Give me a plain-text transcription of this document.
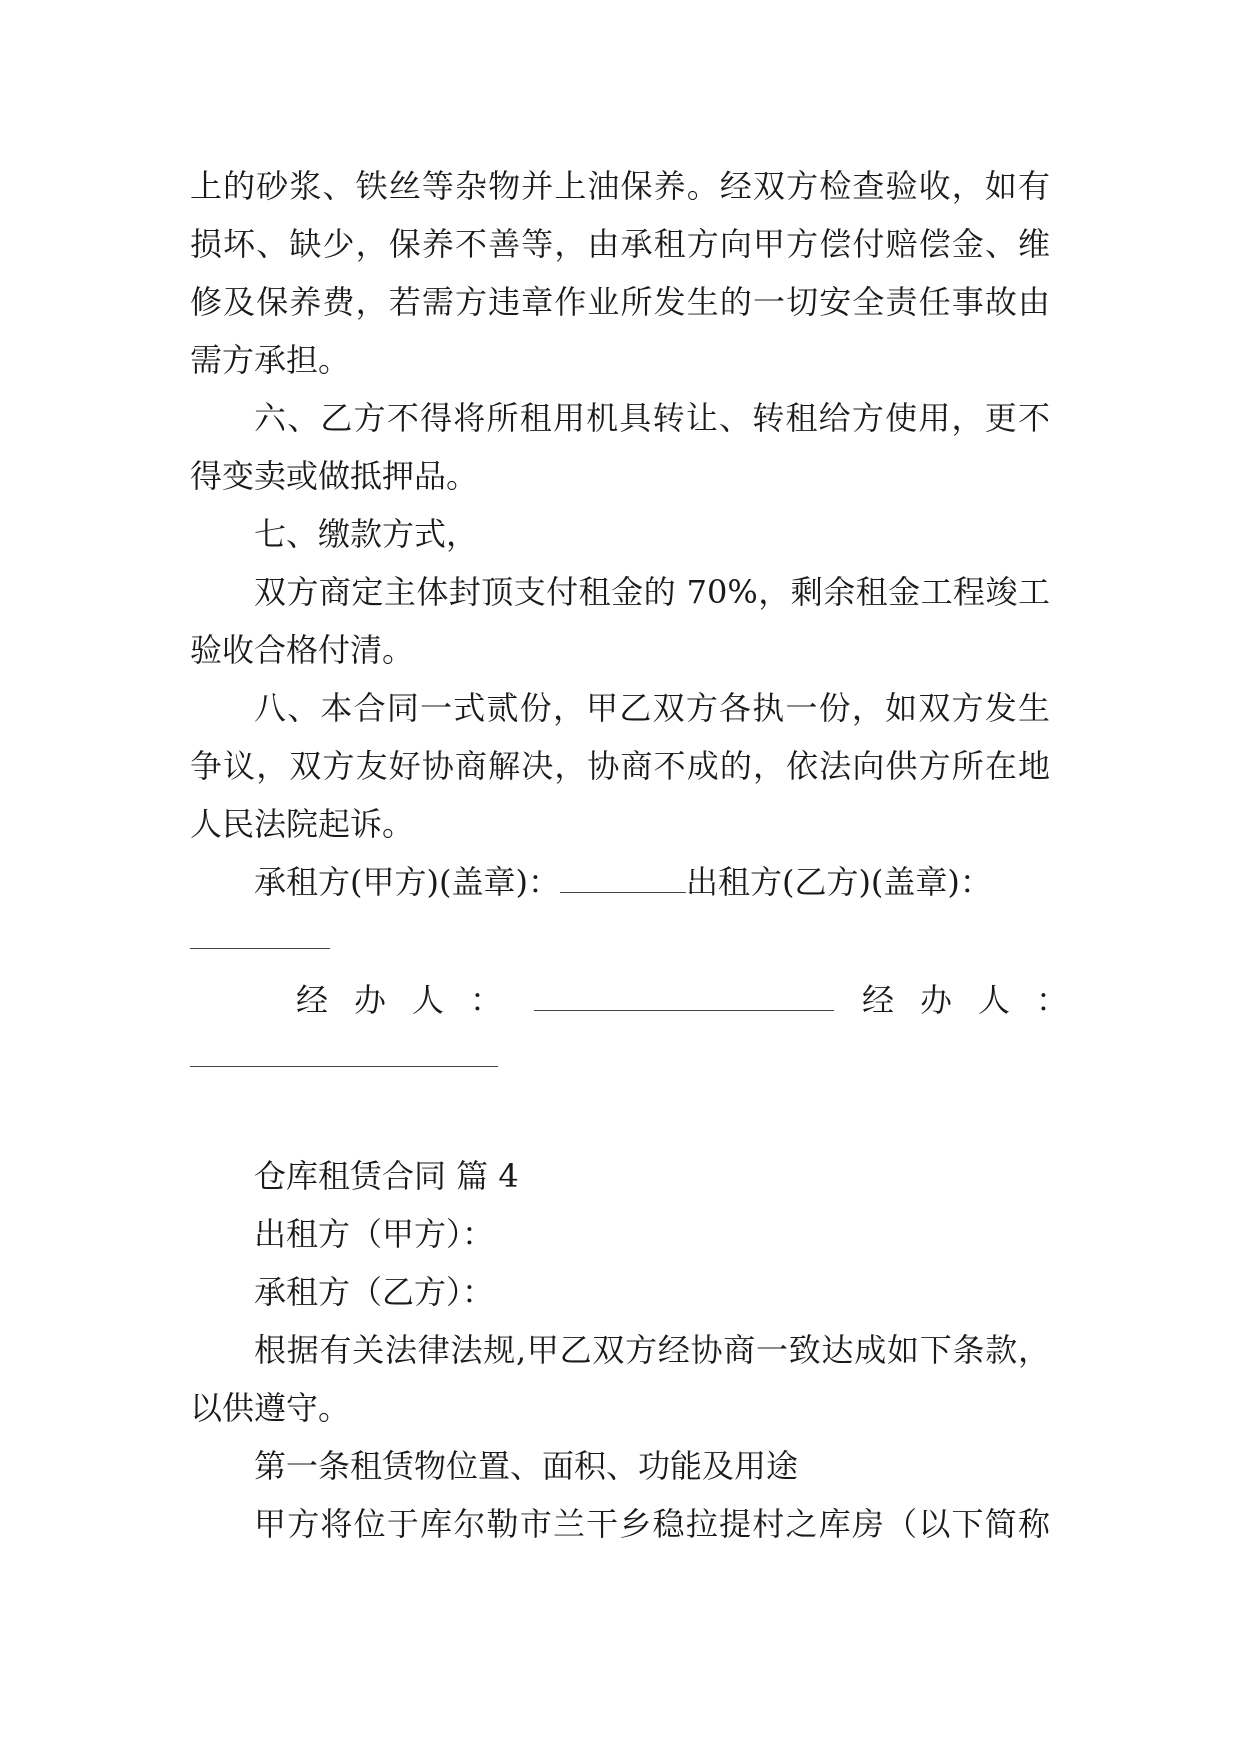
上的砂浆、铁丝等杂物并上油保养。经双方检查验收，如有
损坏、缺少，保养不善等，由承租方向甲方偿付赔偿金、维
修及保养费，若需方违章作业所发生的一切安全责任事故由
需方承担。
六、乙方不得将所租用机具转让、转租给方使用，更不
得变卖或做抵押品。
七、缴款方式，
双方商定主体封顶支付租金的 70%，剩余租金工程竣工
验收合格付清。
八、本合同一式贰份，甲乙双方各执一份，如双方发生
争议，双方友好协商解决，协商不成的，依法向供方所在地
人民法院起诉。
承租方(甲方)(盖章)：	出租方(乙方)(盖章)：
经办人：	经办人：
仓库租赁合同 篇 4
出租方（甲方）：
承租方（乙方）：
根据有关法律法规,甲乙双方经协商一致达成如下条款，
以供遵守。
第一条租赁物位置、面积、功能及用途
甲方将位于库尔勒市兰干乡稳拉提村之库房（以下简称
